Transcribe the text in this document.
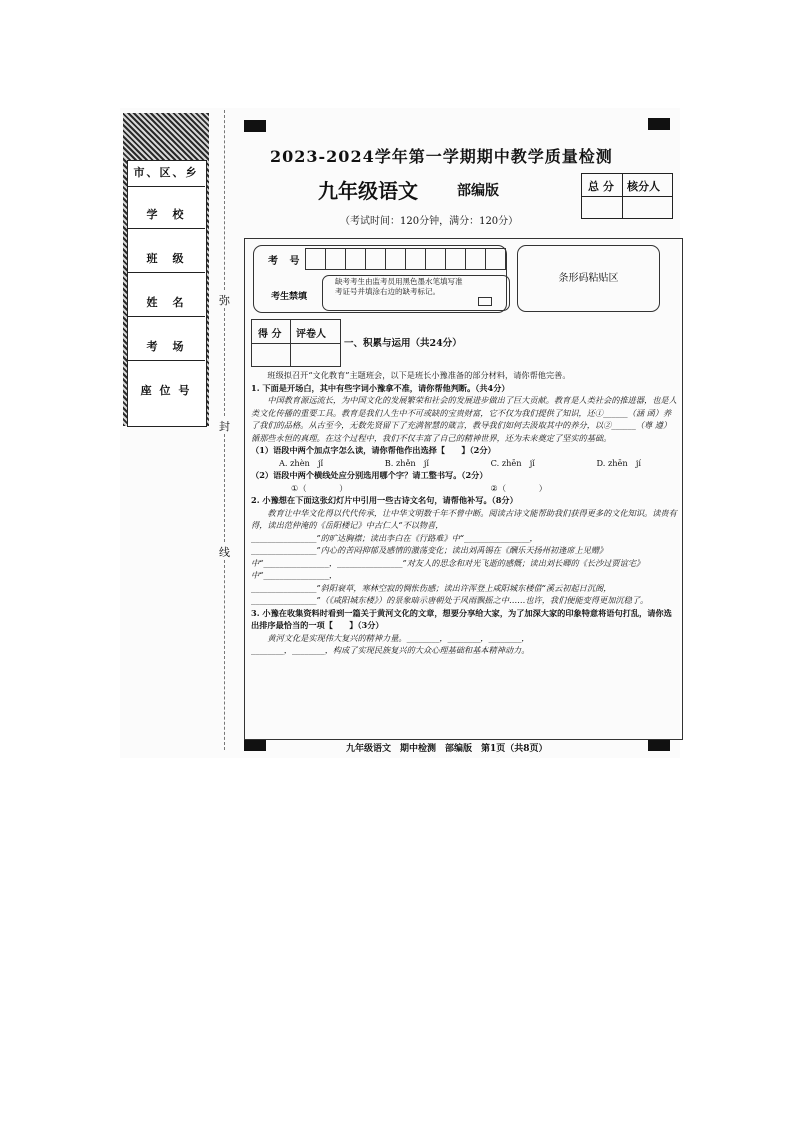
市、区、乡
学　校
班　级
姓　名
考　场
座 位 号
弥
封
线
2023-2024学年第一学期期中教学质量检测
九年级语文	部编版
（考试时间：120分钟，满分：120分）
总 分 核分人
考 号
考生禁填
缺考考生由监考员用黑色墨水笔填写准考证号并填涂右边的缺考标记。
条形码粘贴区
得 分 评卷人
一、积累与运用（共24分）

班级拟召开“文化教育”主题班会，以下是班长小豫准备的部分材料，请你帮他完善。

1. 下面是开场白，其中有些字词小豫拿不准，请你帮他判断。（共4分）

中国教育源远流长，为中国文化的发展繁荣和社会的发展进步做出了巨大贡献。教育是人类社会的推进器，也是人类文化传播的重要工具。教育是我们人生中不可或缺的宝贵财富，它不仅为我们提供了知识，还①______（涵 函）养了我们的品格。从古至今，无数先贤留下了充满智慧的箴言，教导我们如何去汲取其中的养分，以②______（尊 遵）循那些永恒的真理。在这个过程中，我们不仅丰富了自己的精神世界，还为未来奠定了坚实的基础。

（1）语段中两个加点字怎么读，请你帮他作出选择【　　】（2分）

A. zhèn　jǐ	B. zhěn　jǐ	C. zhēn　jǐ	D. zhēn　jí

（2）语段中两个横线处应分别选用哪个字？请工整书写。（2分）

①（　　　　）	②（　　　　）

2. 小豫想在下面这张幻灯片中引用一些古诗文名句，请帮他补写。（8分）

教育让中华文化得以代代传承，让中华文明数千年不曾中断。阅读古诗文能帮助我们获得更多的文化知识。读贵有得，读出范仲淹的《岳阳楼记》中古仁人“不以物喜，

________________”的旷达胸襟；读出李白在《行路难》中“________________，

________________”内心的苦闷抑郁及感情的激荡变化；读出刘禹锡在《酬乐天扬州初逢席上见赠》中“________________，________________”对友人的思念和对光飞逝的感慨；读出刘长卿的《长沙过贾谊宅》中“________________，

________________”斜阳衰草，寒林空寂的惆怅伤感；读出许浑登上咸阳城东楼借“溪云初起日沉阁，________________”（《咸阳城东楼》）的景象暗示唐朝处于风雨飘摇之中……也许，我们便能变得更加沉稳了。

3. 小豫在收集资料时看到一篇关于黄河文化的文章，想要分享给大家，为了加深大家的印象特意将语句打乱，请你选出排序最恰当的一项【　　】（3分）

黄河文化是实现伟大复兴的精神力量。________，________，________，

________，________，构成了实现民族复兴的大众心理基础和基本精神动力。

九年级语文　期中检测　部编版　第1页（共8页）
